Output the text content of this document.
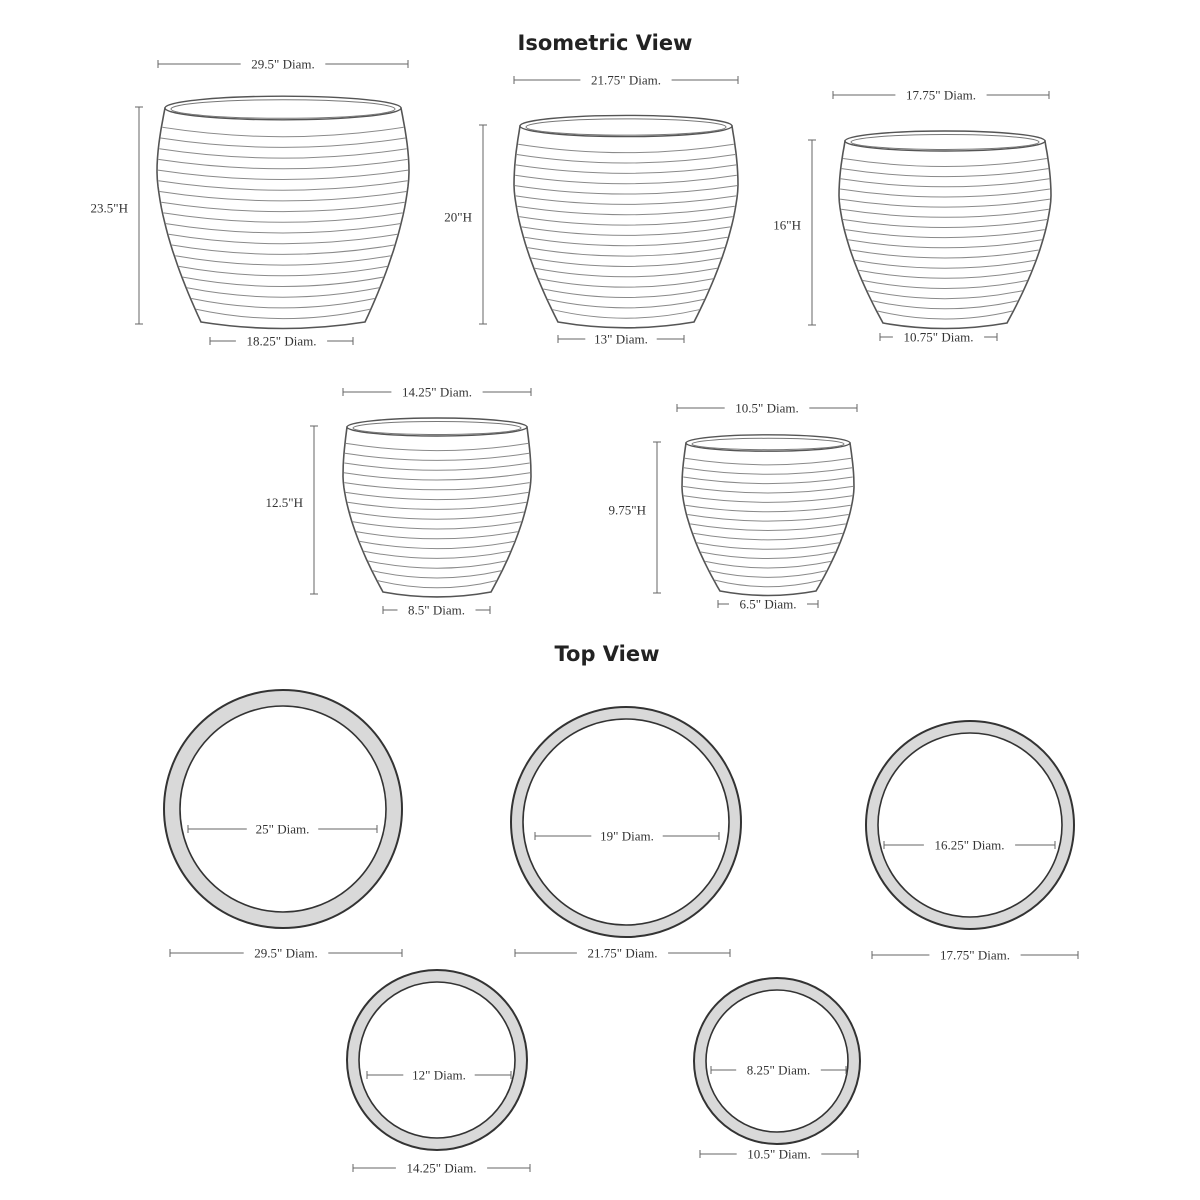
Isometric View
Top View
29.5" Diam.
23.5"H
18.25" Diam.
21.75" Diam.
20"H
13" Diam.
17.75" Diam.
16"H
10.75" Diam.
14.25" Diam.
12.5"H
8.5" Diam.
10.5" Diam.
9.75"H
6.5" Diam.
25" Diam.
29.5" Diam.
19" Diam.
21.75" Diam.
16.25" Diam.
17.75" Diam.
12" Diam.
14.25" Diam.
8.25" Diam.
10.5" Diam.
